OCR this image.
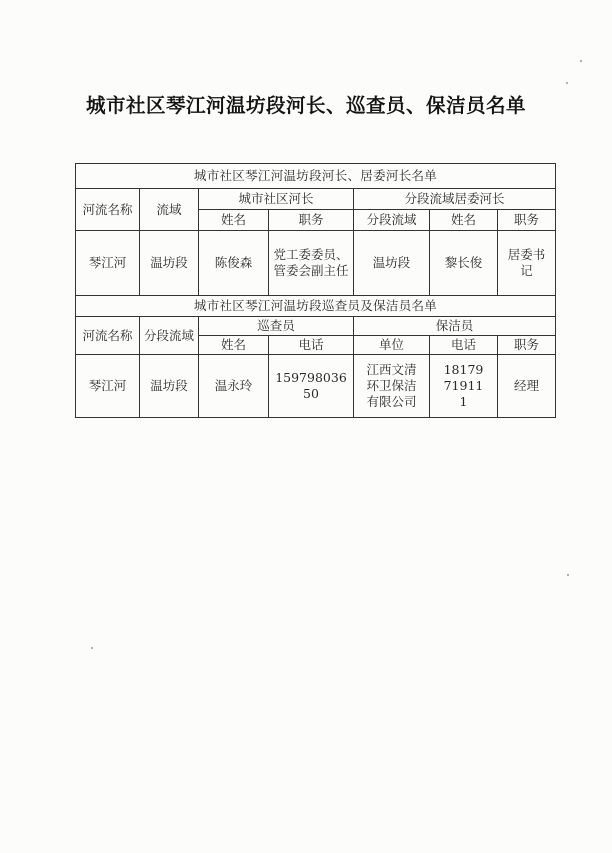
城市社区琴江河温坊段河长、巡查员、保洁员名单
城市社区琴江河温坊段河长、居委河长名单						
河流名称	流域	城市社区河长		分段流域居委河长		
		姓名	职务	分段流域	姓名	职务
琴江河	温坊段	陈俊森	党工委委员、管委会副主任	温坊段	黎长俊	居委书记
城市社区琴江河温坊段巡查员及保洁员名单						
河流名称	分段流域	巡查员		保洁员		
		姓名	电话	单位	电话	职务
琴江河	温坊段	温永玲	15979803650	江西文清环卫保洁有限公司	18179719111	经理
